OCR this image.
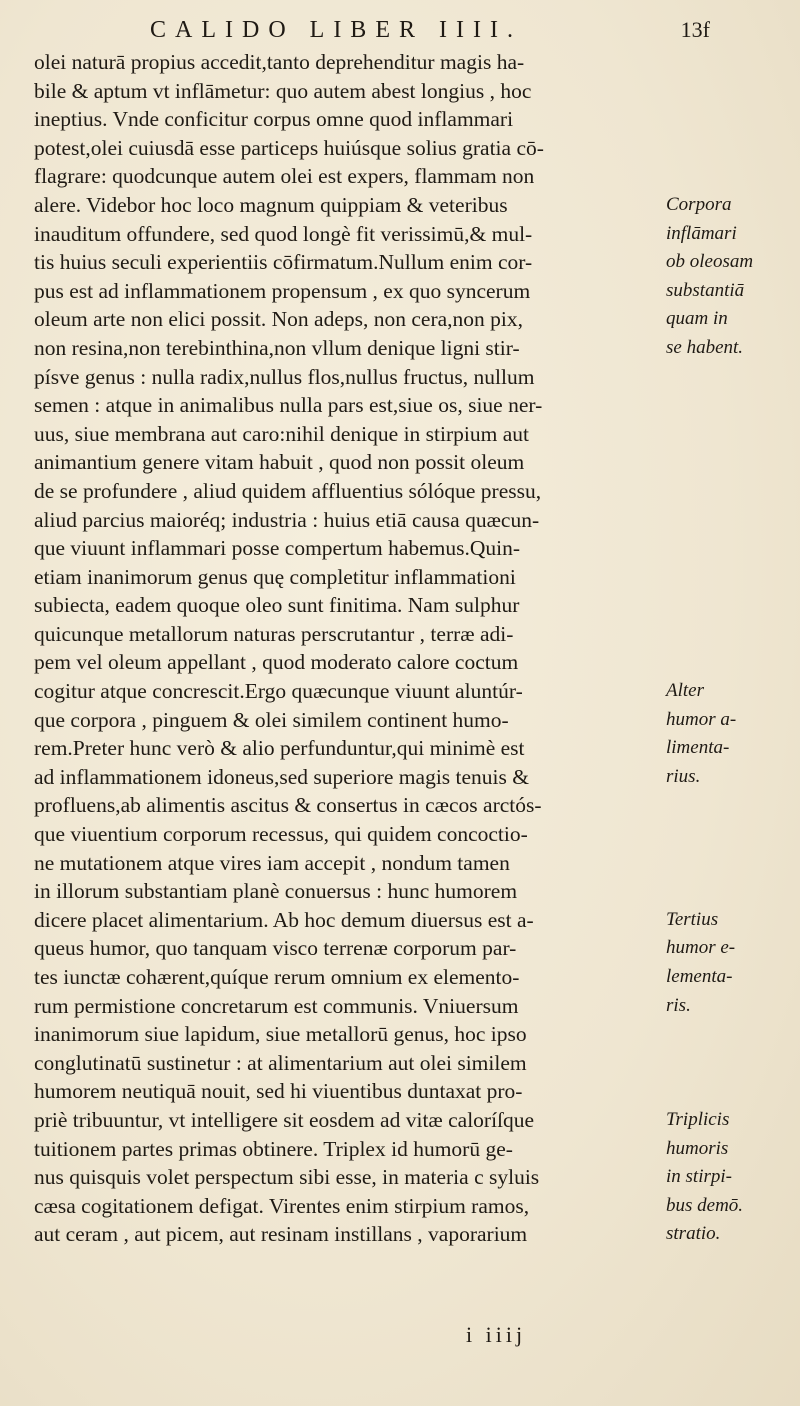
CALIDO LIBER IIII.	13f
olei naturā propius accedit,tanto deprehenditur magis ha-
bile & aptum vt inflāmetur: quo autem abest longius , hoc
ineptius. Vnde conficitur corpus omne quod inflammari
potest,olei cuiusdā esse particeps huiúsque solius gratia cō-
flagrare: quodcunque autem olei est expers, flammam non
alere. Videbor hoc loco magnum quippiam & veteribus	Corpora
inauditum offundere, sed quod longè fit verissimū,& mul-	inflāmari
tis huius seculi experientiis cōfirmatum.Nullum enim cor-	ob oleosam
pus est ad inflammationem propensum , ex quo syncerum	substantiā
oleum arte non elici possit. Non adeps, non cera,non pix,	quam in
non resina,non terebinthina,non vllum denique ligni stir-	se habent.
písve genus : nulla radix,nullus flos,nullus fructus, nullum
semen : atque in animalibus nulla pars est,siue os, siue ner-
uus, siue membrana aut caro:nihil denique in stirpium aut
animantium genere vitam habuit , quod non possit oleum
de se profundere , aliud quidem affluentius sólóque pressu,
aliud parcius maioréq; industria : huius etiā causa quæcun-
que viuunt inflammari posse compertum habemus.Quin-
etiam inanimorum genus quę completitur inflammationi
subiecta, eadem quoque oleo sunt finitima. Nam sulphur
quicunque metallorum naturas perscrutantur , terræ adi-
pem vel oleum appellant , quod moderato calore coctum
cogitur atque concrescit.Ergo quæcunque viuunt aluntúr-	Alter
que corpora , pinguem & olei similem continent humo-	humor a-
rem.Preter hunc verò & alio perfunduntur,qui minimè est	limenta-
ad inflammationem idoneus,sed superiore magis tenuis &	rius.
profluens,ab alimentis ascitus & consertus in cæcos arctós-
que viuentium corporum recessus, qui quidem concoctio-
ne mutationem atque vires iam accepit , nondum tamen
in illorum substantiam planè conuersus : hunc humorem
dicere placet alimentarium. Ab hoc demum diuersus est a-	Tertius
queus humor, quo tanquam visco terrenæ corporum par-	humor e-
tes iunctæ cohærent,quíque rerum omnium ex elemento-	lementa-
rum permistione concretarum est communis. Vniuersum	ris.
inanimorum siue lapidum, siue metallorū genus, hoc ipso
conglutinatū sustinetur : at alimentarium aut olei similem
humorem neutiquā nouit, sed hi viuentibus duntaxat pro-
priè tribuuntur, vt intelligere sit eosdem ad vitæ caloríſque	Triplicis
tuitionem partes primas obtinere. Triplex id humorū ge-	humoris
nus quisquis volet perspectum sibi esse, in materia c syluis	in stirpi-
cæsa cogitationem defigat. Virentes enim stirpium ramos,	bus demō.
aut ceram , aut picem, aut resinam instillans , vaporarium	stratio.
i iiij
